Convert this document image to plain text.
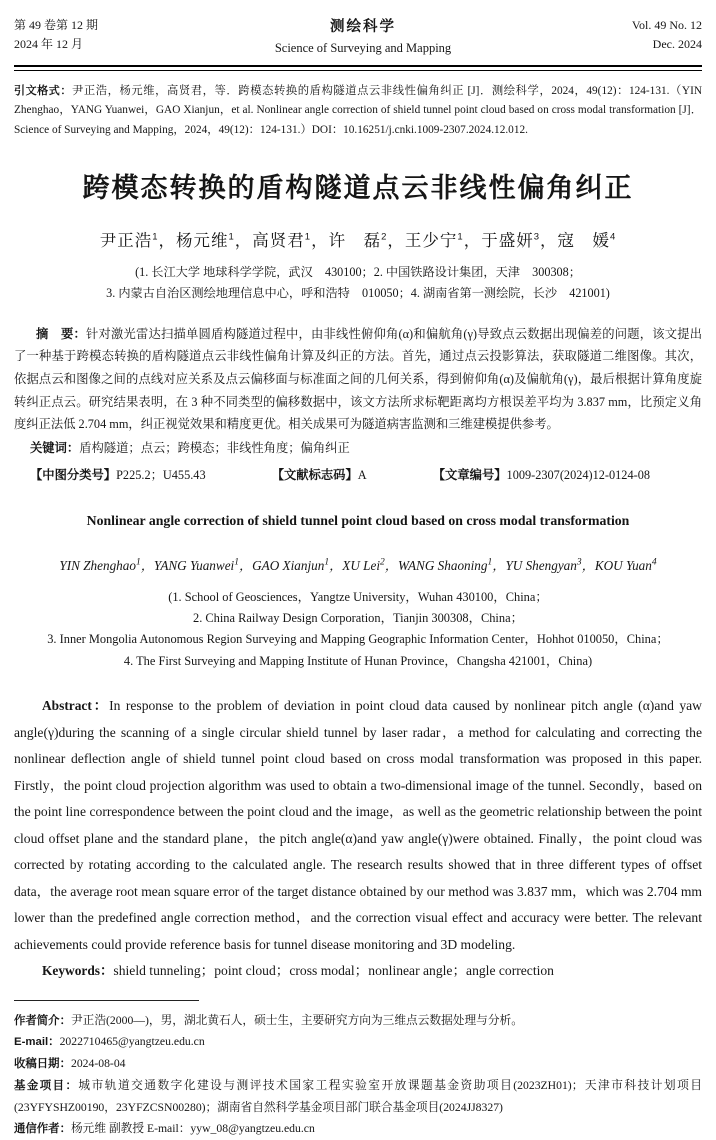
第 49 卷第 12 期
2024 年 12 月
测绘科学
Science of Surveying and Mapping
Vol. 49 No. 12
Dec. 2024

引文格式：尹正浩，杨元维，高贤君，等．跨模态转换的盾构隧道点云非线性偏角纠正 [J]．测绘科学，2024，49(12)：124-131.（YIN Zhenghao，YANG Yuanwei，GAO Xianjun，et al. Nonlinear angle correction of shield tunnel point cloud based on cross modal transformation [J]．Science of Surveying and Mapping，2024，49(12)：124-131.）DOI：10.16251/j.cnki.1009-2307.2024.12.012.

跨模态转换的盾构隧道点云非线性偏角纠正
尹正浩$^1$，杨元维$^1$，高贤君$^1$，许　磊$^2$，王少宁$^1$，于盛妍$^3$，寇　媛$^4$
(1. 长江大学 地球科学学院，武汉　430100；2. 中国铁路设计集团，天津　300308；
3. 内蒙古自治区测绘地理信息中心，呼和浩特　010050；4. 湖南省第一测绘院，长沙　421001)

摘　要：针对激光雷达扫描单圆盾构隧道过程中，由非线性俯仰角(α)和偏航角(γ)导致点云数据出现偏差的问题，该文提出了一种基于跨模态转换的盾构隧道点云非线性偏角计算及纠正的方法。首先，通过点云投影算法，获取隧道二维图像。其次，依据点云和图像之间的点线对应关系及点云偏移面与标准面之间的几何关系，得到俯仰角(α)及偏航角(γ)，最后根据计算角度旋转纠正点云。研究结果表明，在 3 种不同类型的偏移数据中，该文方法所求标靶距离均方根误差平均为 3.837 mm，比预定义角度纠正法低 2.704 mm，纠正视觉效果和精度更优。相关成果可为隧道病害监测和三维建模提供参考。

关键词：盾构隧道；点云；跨模态；非线性角度；偏角纠正

【中图分类号】P225.2；U455.43	【文献标志码】A	【文章编号】1009-2307(2024)12-0124-08
Nonlinear angle correction of shield tunnel point cloud based on cross modal transformation
YIN Zhenghao$^1$，YANG Yuanwei$^1$，GAO Xianjun$^1$，XU Lei$^2$，WANG Shaoning$^1$，YU Shengyan$^3$，KOU Yuan$^4$
(1. School of Geosciences，Yangtze University，Wuhan 430100，China；
2. China Railway Design Corporation，Tianjin 300308，China；
3. Inner Mongolia Autonomous Region Surveying and Mapping Geographic Information Center，Hohhot 010050，China；
4. The First Surveying and Mapping Institute of Hunan Province，Changsha 421001，China)

Abstract：In response to the problem of deviation in point cloud data caused by nonlinear pitch angle (α)and yaw angle(γ)during the scanning of a single circular shield tunnel by laser radar，a method for calculating and correcting the nonlinear deflection angle of shield tunnel point cloud based on cross modal transformation was proposed in this paper. Firstly，the point cloud projection algorithm was used to obtain a two-dimensional image of the tunnel. Secondly，based on the point line correspondence between the point cloud and the image，as well as the geometric relationship between the point cloud offset plane and the standard plane，the pitch angle(α)and yaw angle(γ)were obtained. Finally，the point cloud was corrected by rotating according to the calculated angle. The research results showed that in three different types of offset data，the average root mean square error of the target distance obtained by our method was 3.837 mm，which was 2.704 mm lower than the predefined angle correction method，and the correction visual effect and accuracy were better. The relevant achievements could provide reference basis for tunnel disease monitoring and 3D modeling.

Keywords：shield tunneling；point cloud；cross modal；nonlinear angle；angle correction

作者简介：尹正浩(2000—)，男，湖北黄石人，硕士生，主要研究方向为三维点云数据处理与分析。

E-mail：2022710465@yangtzeu.edu.cn

收稿日期：2024-08-04

基金项目：城市轨道交通数字化建设与测评技术国家工程实验室开放课题基金资助项目(2023ZH01)；天津市科技计划项目(23YFYSHZ00190，23YFZCSN00280)；湖南省自然科学基金项目部门联合基金项目(2024JJ8327)

通信作者：杨元维 副教授 E-mail：yyw_08@yangtzeu.edu.cn
